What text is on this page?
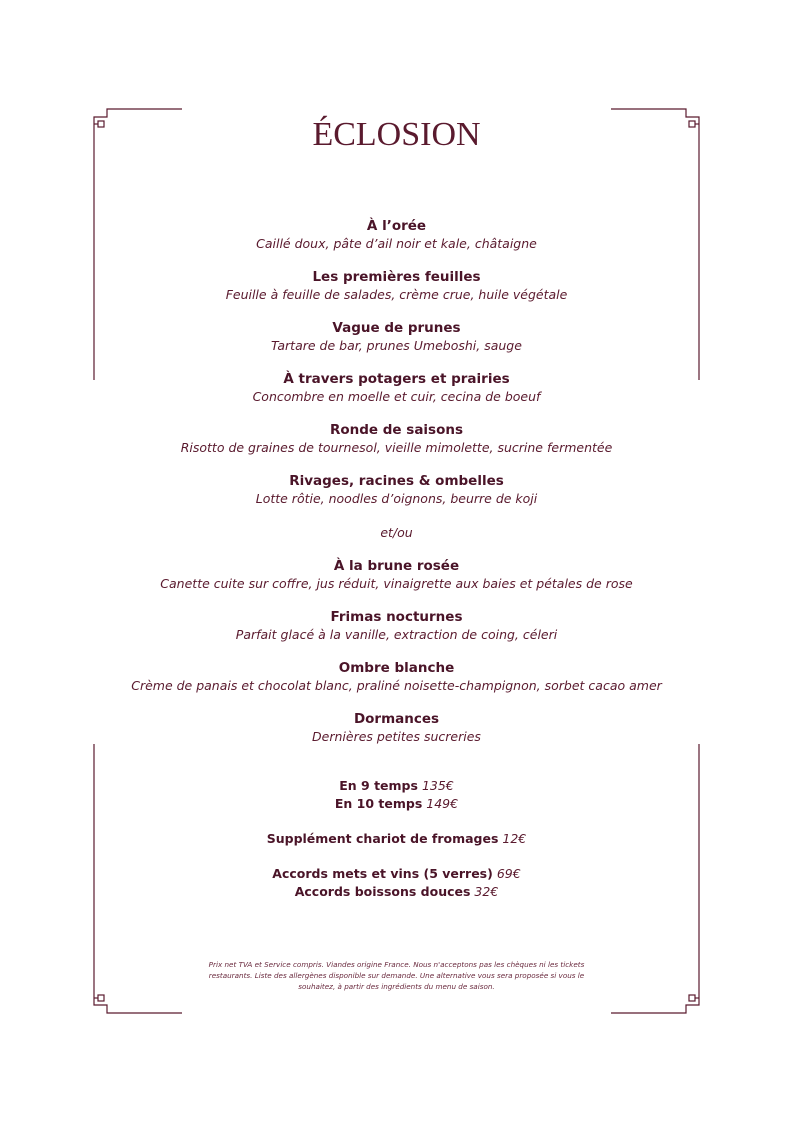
ÉCLOSION
À l’orée
Caillé doux, pâte d’ail noir et kale, châtaigne
Les premières feuilles
Feuille à feuille de salades, crème crue, huile végétale
Vague de prunes
Tartare de bar, prunes Umeboshi, sauge
À travers potagers et prairies
Concombre en moelle et cuir, cecina de boeuf
Ronde de saisons
Risotto de graines de tournesol, vieille mimolette, sucrine fermentée
Rivages, racines & ombelles
Lotte rôtie, noodles d’oignons, beurre de koji
et/ou
À la brune rosée
Canette cuite sur coffre, jus réduit, vinaigrette aux baies et pétales de rose
Frimas nocturnes
Parfait glacé à la vanille, extraction de coing, céleri
Ombre blanche
Crème de panais et chocolat blanc, praliné noisette-champignon, sorbet cacao amer
Dormances
Dernières petites sucreries
En 9 temps 135€
En 10 temps 149€
Supplément chariot de fromages 12€
Accords mets et vins (5 verres) 69€
Accords boissons douces 32€
Prix net TVA et Service compris. Viandes origine France. Nous n'acceptons pas les chèques ni les tickets restaurants. Liste des allergènes disponible sur demande. Une alternative vous sera proposée si vous le souhaitez, à partir des ingrédients du menu de saison.
